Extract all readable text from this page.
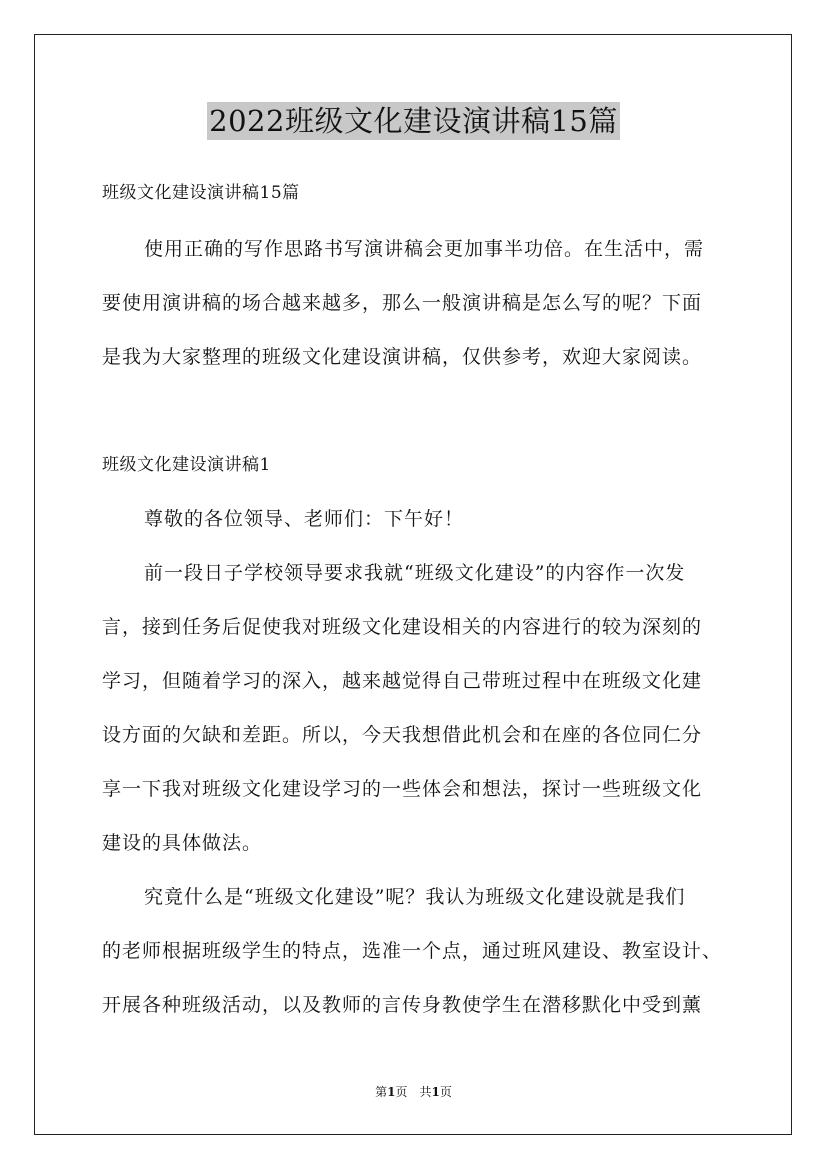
2022班级文化建设演讲稿15篇
班级文化建设演讲稿15篇
使用正确的写作思路书写演讲稿会更加事半功倍。在生活中，需
要使用演讲稿的场合越来越多，那么一般演讲稿是怎么写的呢？下面
是我为大家整理的班级文化建设演讲稿，仅供参考，欢迎大家阅读。
班级文化建设演讲稿1
尊敬的各位领导、老师们：下午好！
前一段日子学校领导要求我就“班级文化建设”的内容作一次发
言，接到任务后促使我对班级文化建设相关的内容进行的较为深刻的
学习，但随着学习的深入，越来越觉得自己带班过程中在班级文化建
设方面的欠缺和差距。所以，今天我想借此机会和在座的各位同仁分
享一下我对班级文化建设学习的一些体会和想法，探讨一些班级文化
建设的具体做法。
究竟什么是“班级文化建设”呢？我认为班级文化建设就是我们
的老师根据班级学生的特点，选准一个点，通过班风建设、教室设计、
开展各种班级活动，以及教师的言传身教使学生在潜移默化中受到薰
第1页　共1页
